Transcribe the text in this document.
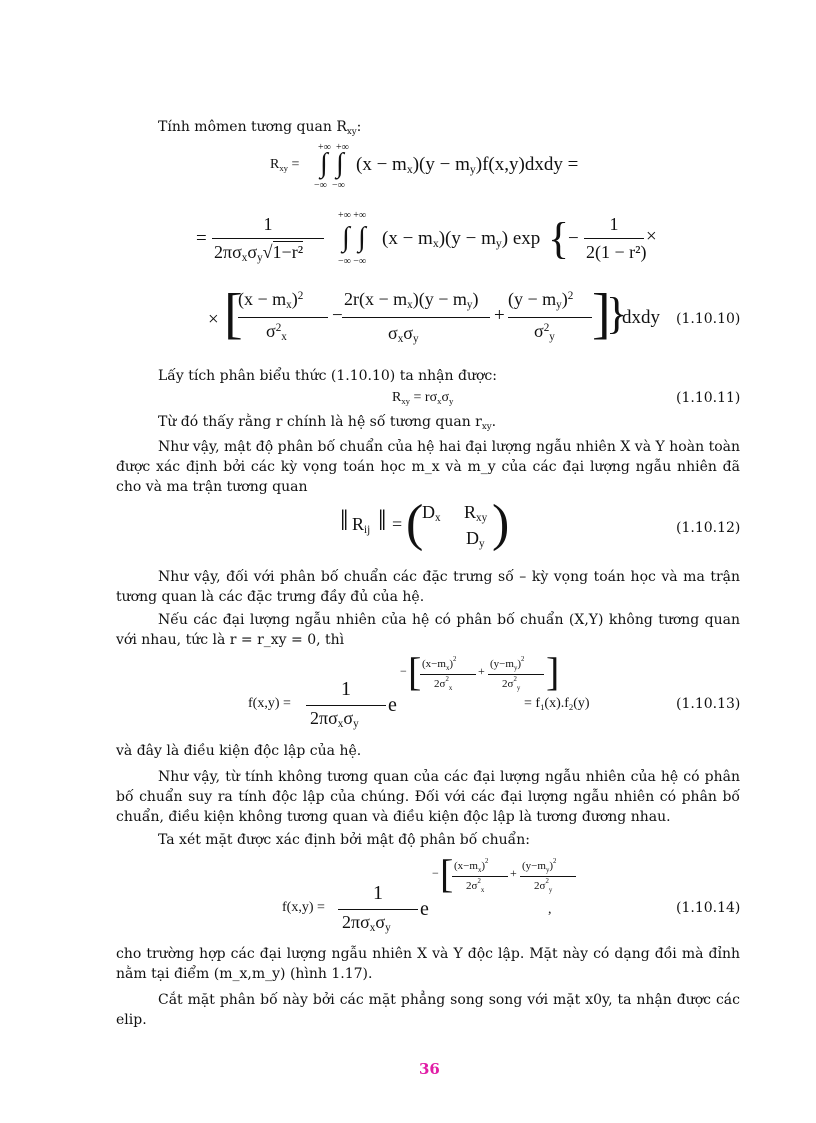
Tính mômen tương quan $R_{xy}$:
$R_{xy}$ =
+∞ +∞
∫ ∫
−∞ −∞
$(x - m_x)(y$ − $m_y)f(x,y)dxdy$ =
=
1
$2\pi\sigma_x\sigma_y√1-r^2$
+∞ +∞
∫ ∫
−∞ −∞
$(x - m_x)(y - m_y)$ exp {
−
1
2(1 − r²)
×
× [
$(x - m_x)^2$
$\sigma^2_x$
−
$2r(x - m_x)(y - m_y)$
$\sigma_x\sigma_y$
+
$(y - m_y)^2$
$\sigma^2_y$ ]
}
dxdy (1.10.10)
Lấy tích phân biểu thức (1.10.10) ta nhận được:
$R_{xy} = r\sigma_x\sigma_y$	(1.10.11)
Từ đó thấy rằng r chính là hệ số tương quan $r_{xy}$.
Như vậy, mật độ phân bố chuẩn của hệ hai đại lượng ngẫu nhiên X và Y hoàn toàn được xác định bởi các kỳ vọng toán học m_x và m_y của các đại lượng ngẫu nhiên đã cho và ma trận tương quan
‖ $R_{ij}$ ‖ = (
$D_x$ $R_{xy}$
$D_y$ )	(1.10.12)
Như vậy, đối với phân bố chuẩn các đặc trưng số – kỳ vọng toán học và ma trận tương quan là các đặc trưng đầy đủ của hệ.
Nếu các đại lượng ngẫu nhiên của hệ có phân bố chuẩn (X,Y) không tương quan với nhau, tức là r = r_xy = 0, thì
f(x,y) =
1
$2\pi\sigma_x\sigma_y$
e
− [ $(x-m_x)^2$
$2\sigma^2_x$
+ $(y-m_y)^2$
$2\sigma^2_y$ ]
= $f_1(x).f_2(y)$	(1.10.13)
và đây là điều kiện độc lập của hệ.
Như vậy, từ tính không tương quan của các đại lượng ngẫu nhiên của hệ có phân bố chuẩn suy ra tính độc lập của chúng. Đối với các đại lượng ngẫu nhiên có phân bố chuẩn, điều kiện không tương quan và điều kiện độc lập là tương đương nhau.
Ta xét mặt được xác định bởi mật độ phân bố chuẩn:
f(x,y) =
1
$2\pi\sigma_x\sigma_y$
e
− [ $(x-m_x)^2$
$2\sigma^2_x$
+ $(y-m_y)^2$
$2\sigma^2_y$
,	(1.10.14)
cho trường hợp các đại lượng ngẫu nhiên X và Y độc lập. Mặt này có dạng đồi mà đỉnh nằm tại điểm (m_x,m_y) (hình 1.17).
Cắt mặt phân bố này bởi các mặt phẳng song song với mặt x0y, ta nhận được các elip.
36
